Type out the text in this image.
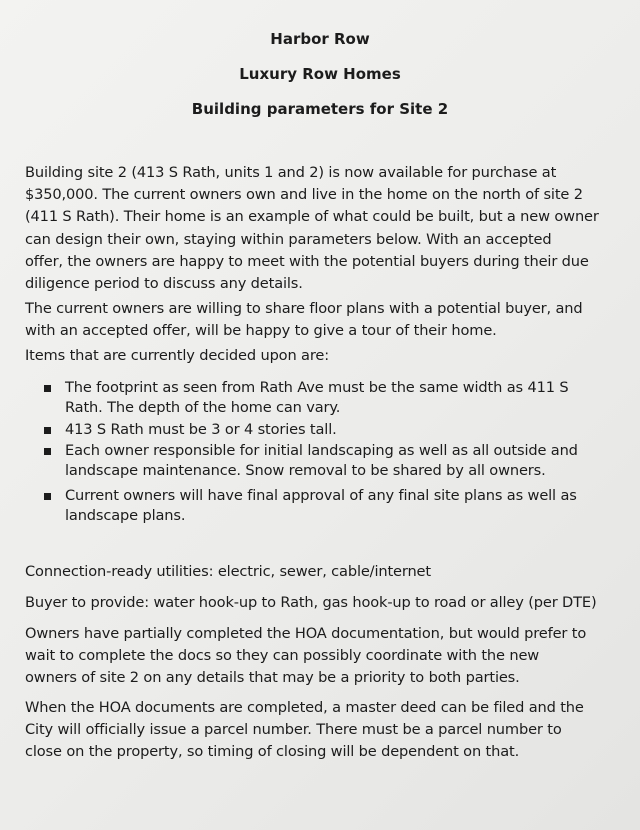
Harbor Row
Luxury Row Homes
Building parameters for Site 2
Building site 2 (413 S Rath, units 1 and 2) is now available for purchase at
$350,000. The current owners own and live in the home on the north of site 2
(411 S Rath). Their home is an example of what could be built, but a new owner
can design their own, staying within parameters below. With an accepted
offer, the owners are happy to meet with the potential buyers during their due
diligence period to discuss any details.
The current owners are willing to share floor plans with a potential buyer, and
with an accepted offer, will be happy to give a tour of their home.
Items that are currently decided upon are:
The footprint as seen from Rath Ave must be the same width as 411 S
Rath. The depth of the home can vary.
413 S Rath must be 3 or 4 stories tall.
Each owner responsible for initial landscaping as well as all outside and
landscape maintenance. Snow removal to be shared by all owners.
Current owners will have final approval of any final site plans as well as
landscape plans.
Connection-ready utilities: electric, sewer, cable/internet
Buyer to provide: water hook-up to Rath, gas hook-up to road or alley (per DTE)
Owners have partially completed the HOA documentation, but would prefer to
wait to complete the docs so they can possibly coordinate with the new
owners of site 2 on any details that may be a priority to both parties.
When the HOA documents are completed, a master deed can be filed and the
City will officially issue a parcel number. There must be a parcel number to
close on the property, so timing of closing will be dependent on that.
